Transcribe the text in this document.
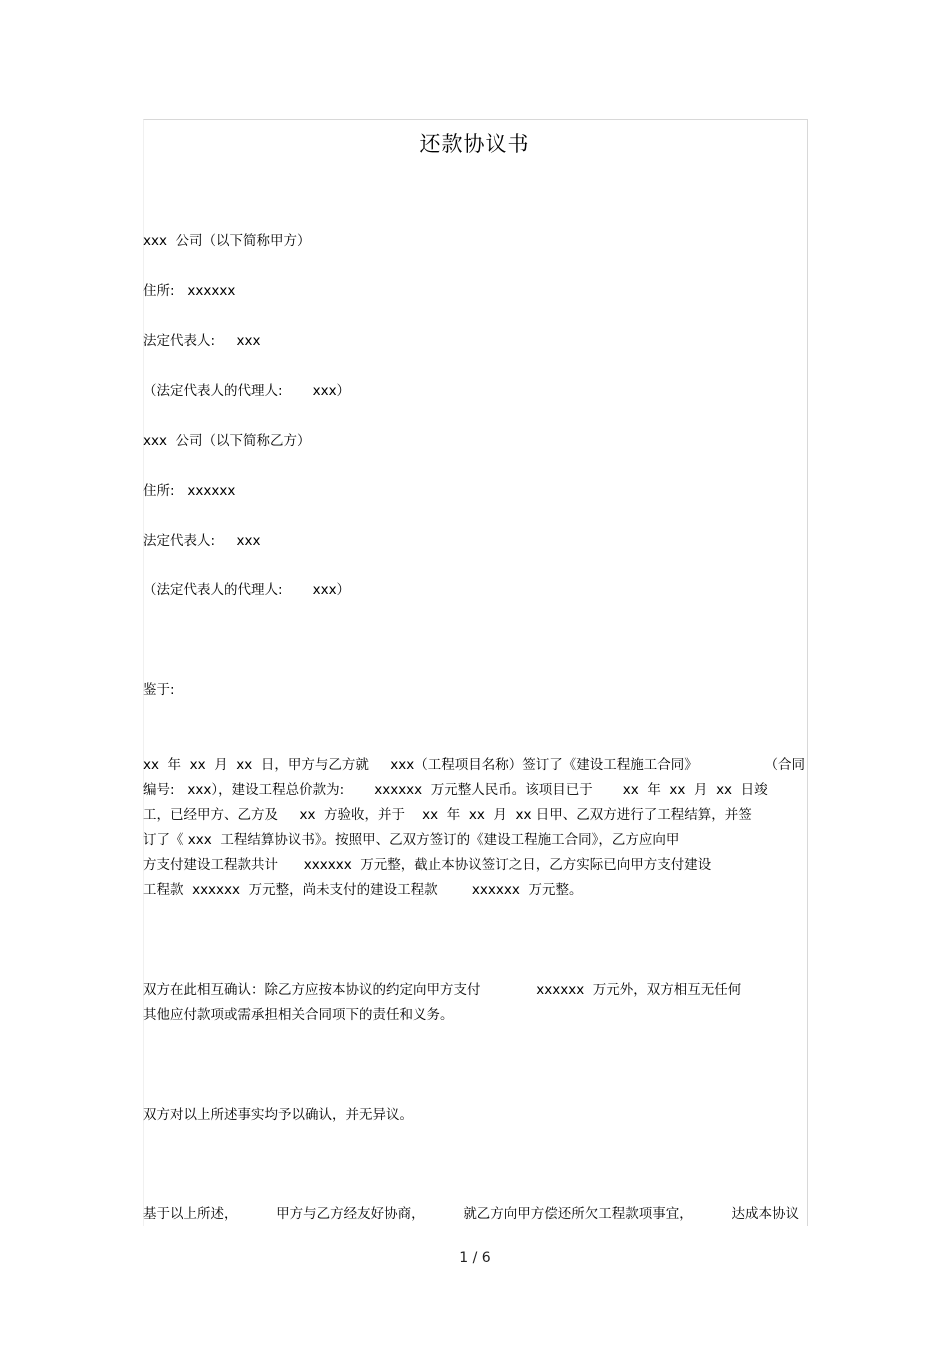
还款协议书
xxx  公司（以下简称甲方）
住所:   xxxxxx
法定代表人:     xxx
（法定代表人的代理人:       xxx）
xxx  公司（以下简称乙方）
住所:   xxxxxx
法定代表人:     xxx
（法定代表人的代理人:       xxx）
鉴于:
xx  年  xx  月  xx  日，甲方与乙方就     xxx（工程项目名称）签订了《建设工程施工合同》	（合同
编号:   xxx），建设工程总价款为:       xxxxxx  万元整人民币。该项目已于       xx  年  xx  月  xx  日竣
工，已经甲方、乙方及     xx  方验收，并于    xx  年  xx  月  xx 日甲、乙双方进行了工程结算，并签
订了《 xxx  工程结算协议书》。按照甲、乙双方签订的《建设工程施工合同》，乙方应向甲
方支付建设工程款共计      xxxxxx  万元整，截止本协议签订之日，乙方实际已向甲方支付建设
工程款  xxxxxx  万元整，尚未支付的建设工程款        xxxxxx  万元整。
双方在此相互确认：除乙方应按本协议的约定向甲方支付             xxxxxx  万元外，双方相互无任何
其他应付款项或需承担相关合同项下的责任和义务。
双方对以上所述事实均予以确认，并无异议。
基于以上所述，	甲方与乙方经友好协商，	就乙方向甲方偿还所欠工程款项事宜，	达成本协议
1 / 6
